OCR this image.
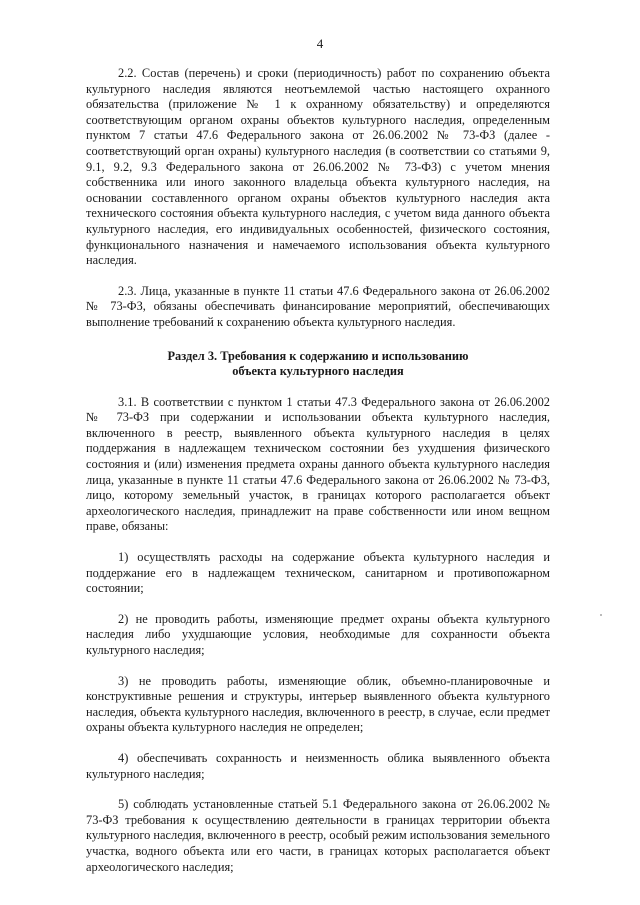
4

2.2. Состав (перечень) и сроки (периодичность) работ по сохранению объекта культурного наследия являются неотъемлемой частью настоящего охранного обязательства (приложение № 1 к охранному обязательству) и определяются соответствующим органом охраны объектов культурного наследия, определенным пунктом 7 статьи 47.6 Федерального закона от 26.06.2002 № 73-ФЗ (далее - соответствующий орган охраны) культурного наследия (в соответствии со статьями 9, 9.1, 9.2, 9.3 Федерального закона от 26.06.2002 № 73-ФЗ) с учетом мнения собственника или иного законного владельца объекта культурного наследия, на основании составленного органом охраны объектов культурного наследия акта технического состояния объекта культурного наследия, с учетом вида данного объекта культурного наследия, его индивидуальных особенностей, физического состояния, функционального назначения и намечаемого использования объекта культурного наследия.

2.3. Лица, указанные в пункте 11 статьи 47.6 Федерального закона от 26.06.2002 № 73-ФЗ, обязаны обеспечивать финансирование мероприятий, обеспечивающих выполнение требований к сохранению объекта культурного наследия.

Раздел 3. Требования к содержанию и использованию
объекта культурного наследия

3.1. В соответствии с пунктом 1 статьи 47.3 Федерального закона от 26.06.2002 № 73-ФЗ при содержании и использовании объекта культурного наследия, включенного в реестр, выявленного объекта культурного наследия в целях поддержания в надлежащем техническом состоянии без ухудшения физического состояния и (или) изменения предмета охраны данного объекта культурного наследия лица, указанные в пункте 11 статьи 47.6 Федерального закона от 26.06.2002 № 73-ФЗ, лицо, которому земельный участок, в границах которого располагается объект археологического наследия, принадлежит на праве собственности или ином вещном праве, обязаны:

1) осуществлять расходы на содержание объекта культурного наследия и поддержание его в надлежащем техническом, санитарном и противопожарном состоянии;

2) не проводить работы, изменяющие предмет охраны объекта культурного наследия либо ухудшающие условия, необходимые для сохранности объекта культурного наследия;

3) не проводить работы, изменяющие облик, объемно-планировочные и конструктивные решения и структуры, интерьер выявленного объекта культурного наследия, объекта культурного наследия, включенного в реестр, в случае, если предмет охраны объекта культурного наследия не определен;

4) обеспечивать сохранность и неизменность облика выявленного объекта культурного наследия;

5) соблюдать установленные статьей 5.1 Федерального закона от 26.06.2002 № 73-ФЗ требования к осуществлению деятельности в границах территории объекта культурного наследия, включенного в реестр, особый режим использования земельного участка, водного объекта или его части, в границах которых располагается объект археологического наследия;
